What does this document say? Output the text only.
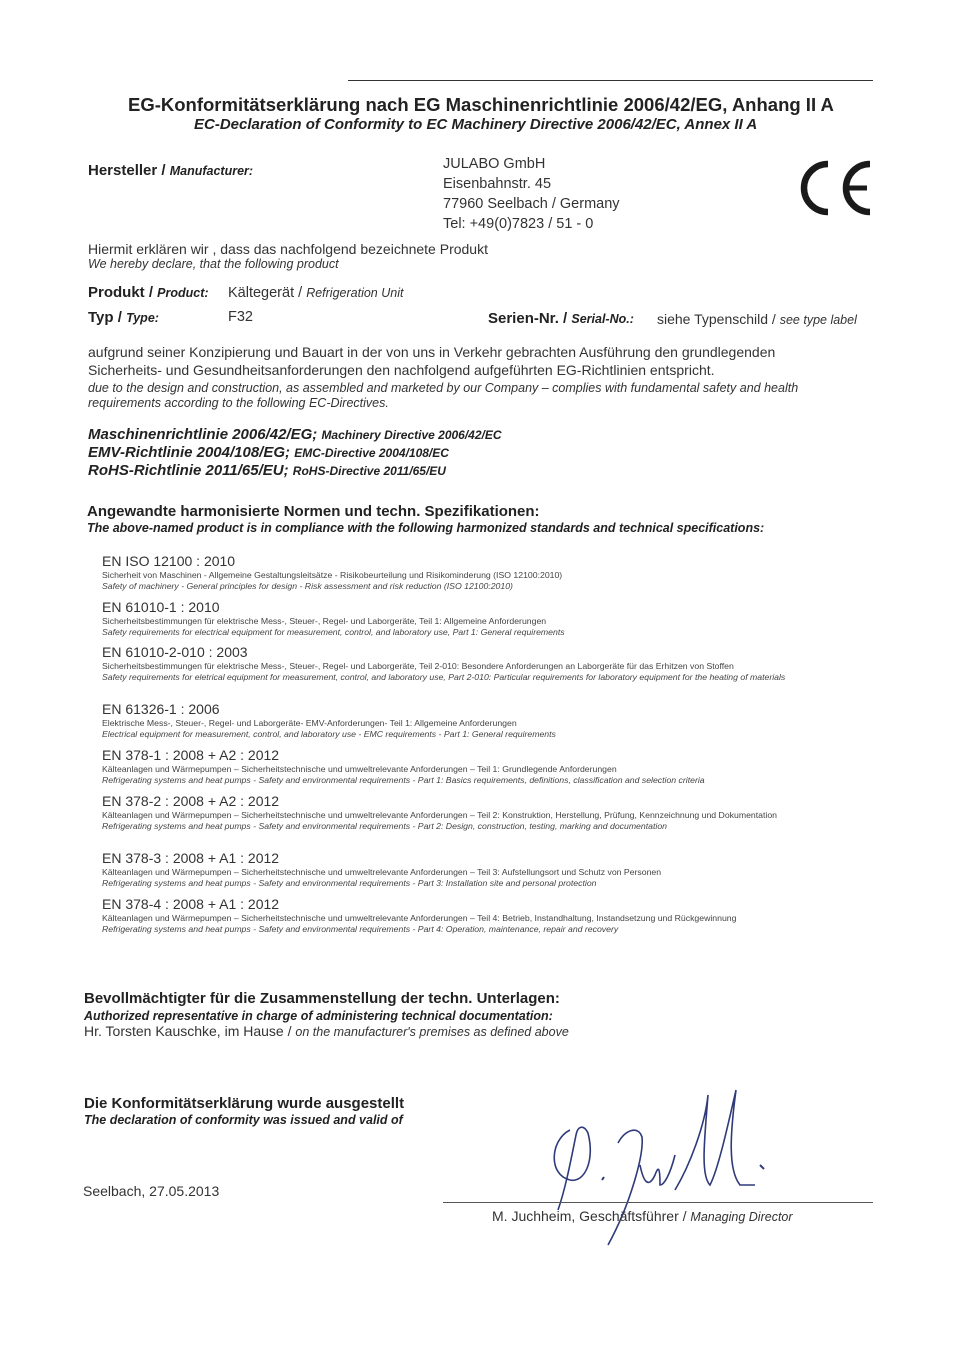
EG-Konformitätserklärung nach EG Maschinenrichtlinie 2006/42/EG, Anhang II A
EC-Declaration of Conformity to EC Machinery Directive 2006/42/EC, Annex II A
Hersteller / Manufacturer:	JULABO GmbH
Eisenbahnstr. 45
77960 Seelbach / Germany
Tel: +49(0)7823 / 51 - 0
Hiermit erklären wir , dass das nachfolgend bezeichnete Produkt
We hereby declare, that the following product
Produkt / Product: Kältegerät / Refrigeration Unit
Typ / Type:	F32	Serien-Nr. / Serial-No.: siehe Typenschild / see type label
aufgrund seiner Konzipierung und Bauart in der von uns in Verkehr gebrachten Ausführung den grundlegenden Sicherheits- und Gesundheitsanforderungen den nachfolgend aufgeführten EG-Richtlinien entspricht.
due to the design and construction, as assembled and marketed by our Company – complies with fundamental safety and health requirements according to the following EC-Directives.
Maschinenrichtlinie 2006/42/EG; Machinery Directive 2006/42/EC
EMV-Richtlinie 2004/108/EG; EMC-Directive 2004/108/EC
RoHS-Richtlinie 2011/65/EU; RoHS-Directive 2011/65/EU
Angewandte harmonisierte Normen und techn. Spezifikationen:
The above-named product is in compliance with the following harmonized standards and technical specifications:
EN ISO 12100 : 2010
Sicherheit von Maschinen - Allgemeine Gestaltungsleitsätze - Risikobeurteilung und Risikominderung (ISO 12100:2010)
Safety of machinery - General principles for design - Risk assessment and risk reduction (ISO 12100:2010)
EN 61010-1 : 2010
Sicherheitsbestimmungen für elektrische Mess-, Steuer-, Regel- und Laborgeräte, Teil 1: Allgemeine Anforderungen
Safety requirements for electrical equipment for measurement, control, and laboratory use, Part 1: General requirements
EN 61010-2-010 : 2003
Sicherheitsbestimmungen für elektrische Mess-, Steuer-, Regel- und Laborgeräte, Teil 2-010: Besondere Anforderungen an Laborgeräte für das Erhitzen von Stoffen
Safety requirements for eletrical equipment for measurement, control, and laboratory use, Part 2-010: Particular requirements for laboratory equipment for the heating of materials
EN 61326-1 : 2006
Elektrische Mess-, Steuer-, Regel- und Laborgeräte- EMV-Anforderungen- Teil 1: Allgemeine Anforderungen
Electrical equipment for measurement, control, and laboratory use - EMC requirements - Part 1: General requirements
EN 378-1 : 2008 + A2 : 2012
Kälteanlagen und Wärmepumpen – Sicherheitstechnische und umweltrelevante Anforderungen – Teil 1: Grundlegende Anforderungen
Refrigerating systems and heat pumps - Safety and environmental requirements - Part 1: Basics requirements, definitions, classification and selection criteria
EN 378-2 : 2008 + A2 : 2012
Kälteanlagen und Wärmepumpen – Sicherheitstechnische und umweltrelevante Anforderungen – Teil 2: Konstruktion, Herstellung, Prüfung, Kennzeichnung und Dokumentation
Refrigerating systems and heat pumps - Safety and environmental requirements - Part 2: Design, construction, testing, marking and documentation
EN 378-3 : 2008 + A1 : 2012
Kälteanlagen und Wärmepumpen – Sicherheitstechnische und umweltrelevante Anforderungen – Teil 3: Aufstellungsort und Schutz von Personen
Refrigerating systems and heat pumps - Safety and environmental requirements - Part 3: Installation site and personal protection
EN 378-4 : 2008 + A1 : 2012
Kälteanlagen und Wärmepumpen – Sicherheitstechnische und umweltrelevante Anforderungen – Teil 4: Betrieb, Instandhaltung, Instandsetzung und Rückgewinnung
Refrigerating systems and heat pumps - Safety and environmental requirements - Part 4: Operation, maintenance, repair and recovery
Bevollmächtigter für die Zusammenstellung der techn. Unterlagen:
Authorized representative in charge of administering technical documentation:
Hr. Torsten Kauschke, im Hause / on the manufacturer's premises as defined above
Die Konformitätserklärung wurde ausgestellt
The declaration of conformity was issued and valid of
Seelbach, 27.05.2013
M. Juchheim, Geschäftsführer / Managing Director
